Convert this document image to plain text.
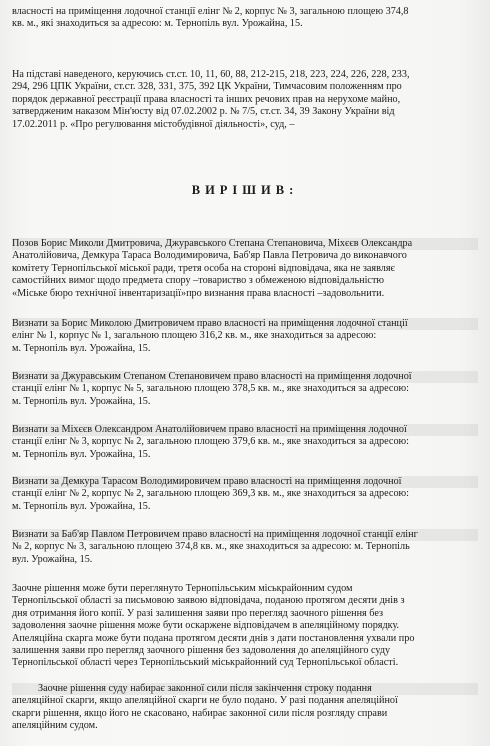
власності на приміщення лодочної станції елінг № 2, корпус № 3, загальною площею 374,8
кв. м., які знаходиться за адресою: м. Тернопіль вул. Урожайна, 15.
На підставі наведеного, керуючись ст.ст. 10, 11, 60, 88, 212-215, 218, 223, 224, 226, 228, 233,
294, 296 ЦПК України, ст.ст. 328, 331, 375, 392 ЦК України, Тимчасовим положенням про
порядок державної реєстрації права власності та інших речових прав на нерухоме майно,
затвердженим наказом Мін'юсту від 07.02.2002 р. № 7/5, ст.ст. 34, 39 Закону України від
17.02.2011 р. «Про регулювання містобудівної діяльності», суд, –
ВИРІШИВ:
Позов Борис Миколи Дмитровича, Джуравського Степана Степановича, Міхєєв Олександра
Анатолійовича, Демкура Тараса Володимировича, Баб'яр Павла Петровича до виконавчого
комітету Тернопільської міської ради, третя особа на стороні відповідача, яка не заявляє
самостійних вимог щодо предмета спору –товариство з обмеженою відповідальністю
«Міське бюро технічної інвентаризації»про визнання права власності –задовольнити.
Визнати за Борис Миколою Дмитровичем право власності на приміщення лодочної станції
елінг № 1, корпус № 1, загальною площею 316,2 кв. м., яке знаходиться за адресою:
м. Тернопіль вул. Урожайна, 15.
Визнати за Джуравським Степаном Степановичем право власності на приміщення лодочної
станції елінг № 1, корпус № 5, загальною площею 378,5 кв. м., яке знаходиться за адресою:
м. Тернопіль вул. Урожайна, 15.
Визнати за Міхєєв Олександром Анатолійовичем право власності на приміщення лодочної
станції елінг № 3, корпус № 2, загальною площею 379,6 кв. м., яке знаходиться за адресою:
м. Тернопіль вул. Урожайна, 15.
Визнати за Демкура Тарасом Володимировичем право власності на приміщення лодочної
станції елінг № 2, корпус № 2, загальною площею 369,3 кв. м., яке знаходиться за адресою:
м. Тернопіль вул. Урожайна, 15.
Визнати за Баб'яр Павлом Петровичем право власності на приміщення лодочної станції елінг
№ 2, корпус № 3, загальною площею 374,8 кв. м., яке знаходиться за адресою: м. Тернопіль
вул. Урожайна, 15.
Заочне рішення може бути переглянуто Тернопільським міськрайонним судом
Тернопільської області за письмовою заявою відповідача, поданою протягом десяти днів з
дня отримання його копії. У разі залишення заяви про перегляд заочного рішення без
задоволення заочне рішення може бути оскаржене відповідачем в апеляційному порядку.
Апеляційна скарга може бути подана протягом десяти днів з дати постановлення ухвали про
залишення заяви про перегляд заочного рішення без задоволення до апеляційного суду
Тернопільської області через Тернопільський міськрайонний суд Тернопільської області.
Заочне рішення суду набирає законної сили після закінчення строку подання
апеляційної скарги, якщо апеляційної скарги не було подано. У разі подання апеляційної
скарги рішення, якщо його не скасовано, набирає законної сили після розгляду справи
апеляційним судом.
